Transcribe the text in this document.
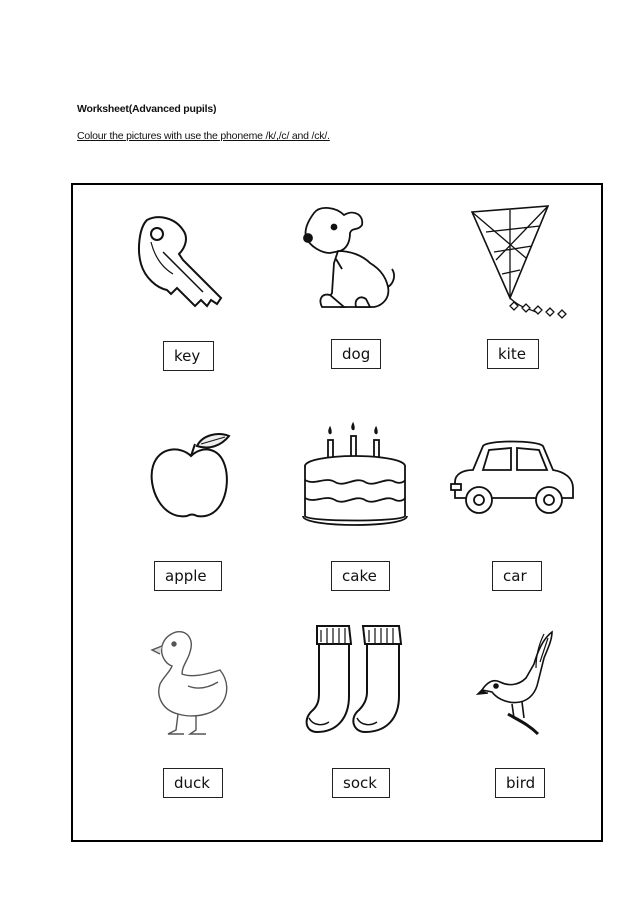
Worksheet(Advanced pupils)
Colour the pictures with use the phoneme /k/,/c/ and /ck/.
key	dog	kite
apple	cake	car
duck	sock	bird
